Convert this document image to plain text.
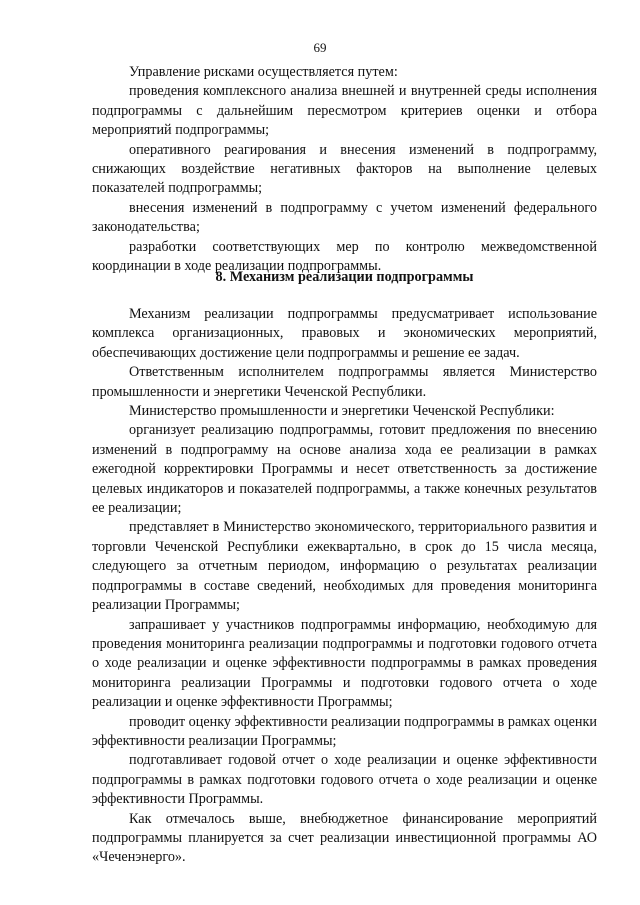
69

Управление рисками осуществляется путем:

проведения комплексного анализа внешней и внутренней среды исполнения подпрограммы с дальнейшим пересмотром критериев оценки и отбора мероприятий подпрограммы;

оперативного реагирования и внесения изменений в подпрограмму, снижающих воздействие негативных факторов на выполнение целевых показателей подпрограммы;

внесения изменений в подпрограмму с учетом изменений федерального законодательства;

разработки соответствующих мер по контролю межведомственной координации в ходе реализации подпрограммы.

8. Механизм реализации подпрограммы

Механизм реализации подпрограммы предусматривает использование комплекса организационных, правовых и экономических мероприятий, обеспечивающих достижение цели подпрограммы и решение ее задач.

Ответственным исполнителем подпрограммы является Министерство промышленности и энергетики Чеченской Республики.

Министерство промышленности и энергетики Чеченской Республики:

организует реализацию подпрограммы, готовит предложения по внесению изменений в подпрограмму на основе анализа хода ее реализации в рамках ежегодной корректировки Программы и несет ответственность за достижение целевых индикаторов и показателей подпрограммы, а также конечных результатов ее реализации;

представляет в Министерство экономического, территориального развития и торговли Чеченской Республики ежеквартально, в срок до 15 числа месяца, следующего за отчетным периодом, информацию о результатах реализации подпрограммы в составе сведений, необходимых для проведения мониторинга реализации Программы;

запрашивает у участников подпрограммы информацию, необходимую для проведения мониторинга реализации подпрограммы и подготовки годового отчета о ходе реализации и оценке эффективности подпрограммы в рамках проведения мониторинга реализации Программы и подготовки годового отчета о ходе реализации и оценке эффективности Программы;

проводит оценку эффективности реализации подпрограммы в рамках оценки эффективности реализации Программы;

подготавливает годовой отчет о ходе реализации и оценке эффективности подпрограммы в рамках подготовки годового отчета о ходе реализации и оценке эффективности Программы.

Как отмечалось выше, внебюджетное финансирование мероприятий подпрограммы планируется за счет реализации инвестиционной программы АО «Чеченэнерго».
